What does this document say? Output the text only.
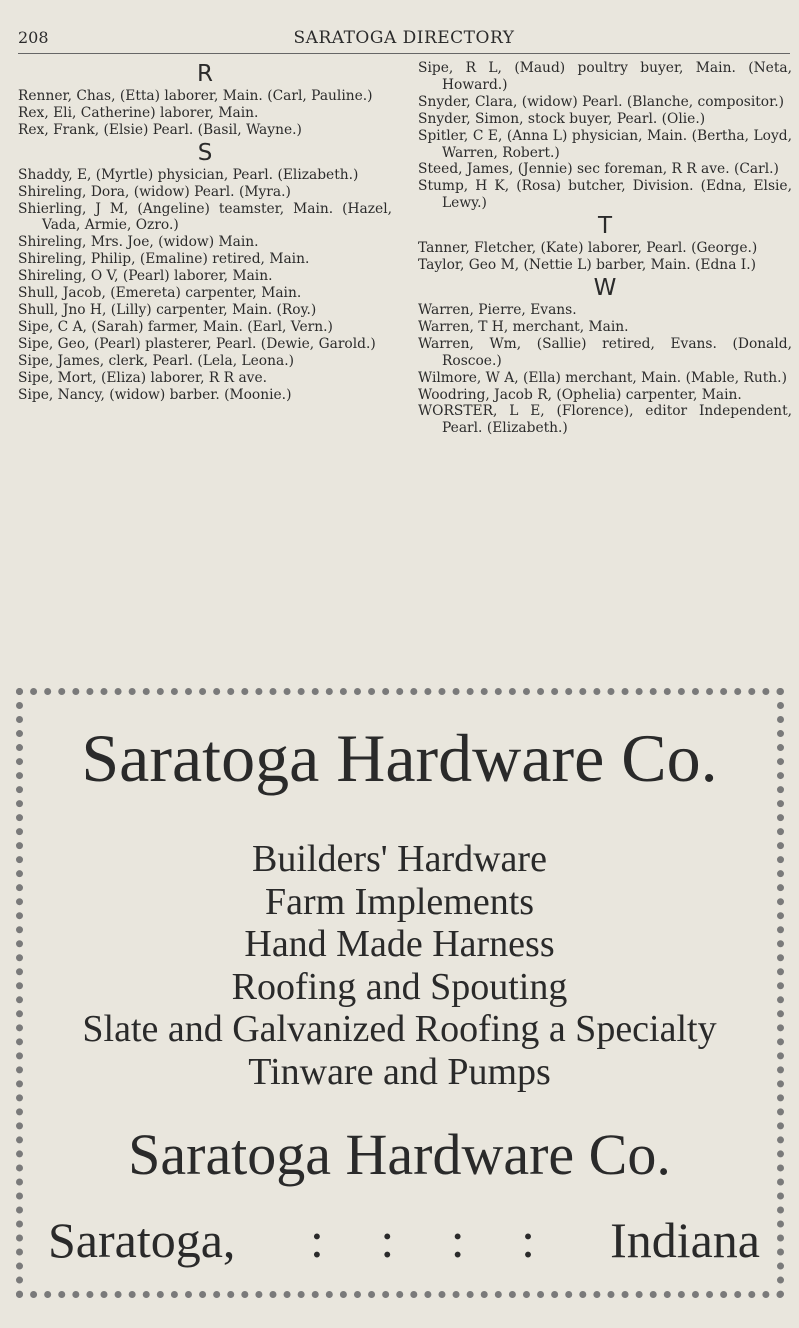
208	SARATOGA DIRECTORY

R

Renner, Chas, (Etta) laborer, Main. (Carl, Pauline.)

Rex, Eli, Catherine) laborer, Main.

Rex, Frank, (Elsie) Pearl. (Basil, Wayne.)

S

Shaddy, E, (Myrtle) physician, Pearl. (Elizabeth.)

Shireling, Dora, (widow) Pearl. (Myra.)

Shierling, J M, (Angeline) teamster, Main. (Hazel, Vada, Armie, Ozro.)

Shireling, Mrs. Joe, (widow) Main.

Shireling, Philip, (Emaline) retired, Main.

Shireling, O V, (Pearl) laborer, Main.

Shull, Jacob, (Emereta) carpenter, Main.

Shull, Jno H, (Lilly) carpenter, Main. (Roy.)

Sipe, C A, (Sarah) farmer, Main. (Earl, Vern.)

Sipe, Geo, (Pearl) plasterer, Pearl. (Dewie, Garold.)

Sipe, James, clerk, Pearl. (Lela, Leona.)

Sipe, Mort, (Eliza) laborer, R R ave.

Sipe, Nancy, (widow) barber. (Moonie.)

Sipe, R L, (Maud) poultry buyer, Main. (Neta, Howard.)

Snyder, Clara, (widow) Pearl. (Blanche, compositor.)

Snyder, Simon, stock buyer, Pearl. (Olie.)

Spitler, C E, (Anna L) physician, Main. (Bertha, Loyd, Warren, Robert.)

Steed, James, (Jennie) sec foreman, R R ave. (Carl.)

Stump, H K, (Rosa) butcher, Division. (Edna, Elsie, Lewy.)

T

Tanner, Fletcher, (Kate) laborer, Pearl. (George.)

Taylor, Geo M, (Nettie L) barber, Main. (Edna I.)

W

Warren, Pierre, Evans.

Warren, T H, merchant, Main.

Warren, Wm, (Sallie) retired, Evans. (Donald, Roscoe.)

Wilmore, W A, (Ella) merchant, Main. (Mable, Ruth.)

Woodring, Jacob R, (Ophelia) carpenter, Main.

WORSTER, L E, (Florence), editor Independent, Pearl. (Elizabeth.)

Saratoga Hardware Co.
Builders' Hardware
Farm Implements
Hand Made Harness
Roofing and Spouting
Slate and Galvanized Roofing a Specialty
Tinware and Pumps
Saratoga Hardware Co.
Saratoga, : : : : Indiana
